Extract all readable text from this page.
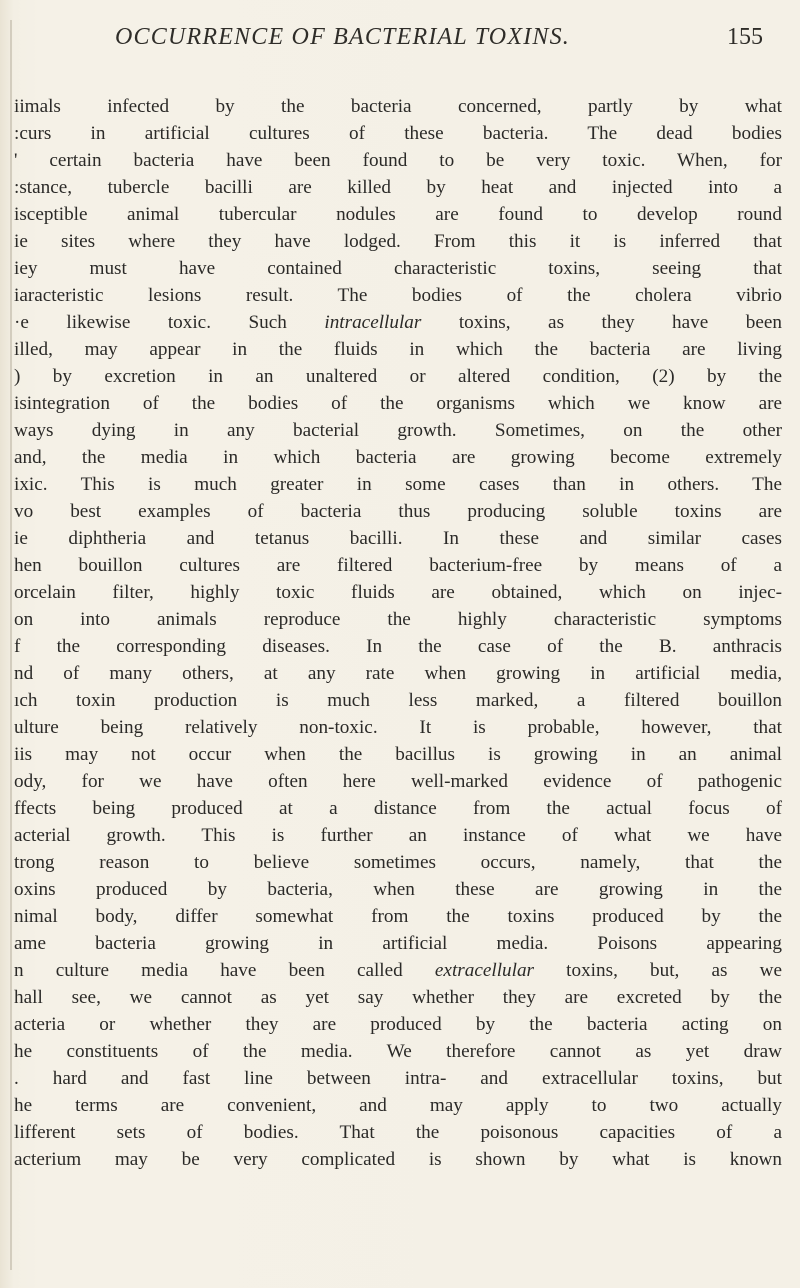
OCCURRENCE OF BACTERIAL TOXINS.	155
iimals infected by the bacteria concerned, partly by what
:curs in artificial cultures of these bacteria. The dead bodies
' certain bacteria have been found to be very toxic. When, for
:stance, tubercle bacilli are killed by heat and injected into a
isceptible animal tubercular nodules are found to develop round
ie sites where they have lodged. From this it is inferred that
iey must have contained characteristic toxins, seeing that
iaracteristic lesions result. The bodies of the cholera vibrio
·e likewise toxic. Such intracellular toxins, as they have been
illed, may appear in the fluids in which the bacteria are living
) by excretion in an unaltered or altered condition, (2) by the
isintegration of the bodies of the organisms which we know are
ways dying in any bacterial growth. Sometimes, on the other
and, the media in which bacteria are growing become extremely
ixic. This is much greater in some cases than in others. The
vo best examples of bacteria thus producing soluble toxins are
ie diphtheria and tetanus bacilli. In these and similar cases
hen bouillon cultures are filtered bacterium-free by means of a
orcelain filter, highly toxic fluids are obtained, which on injec-
on into animals reproduce the highly characteristic symptoms
f the corresponding diseases. In the case of the B. anthracis
nd of many others, at any rate when growing in artificial media,
ıch toxin production is much less marked, a filtered bouillon
ulture being relatively non-toxic. It is probable, however, that
iis may not occur when the bacillus is growing in an animal
ody, for we have often here well-marked evidence of pathogenic
ffects being produced at a distance from the actual focus of
acterial growth. This is further an instance of what we have
trong reason to believe sometimes occurs, namely, that the
oxins produced by bacteria, when these are growing in the
nimal body, differ somewhat from the toxins produced by the
ame bacteria growing in artificial media. Poisons appearing
n culture media have been called extracellular toxins, but, as we
hall see, we cannot as yet say whether they are excreted by the
acteria or whether they are produced by the bacteria acting on
he constituents of the media. We therefore cannot as yet draw
. hard and fast line between intra- and extracellular toxins, but
he terms are convenient, and may apply to two actually
lifferent sets of bodies. That the poisonous capacities of a
acterium may be very complicated is shown by what is known
